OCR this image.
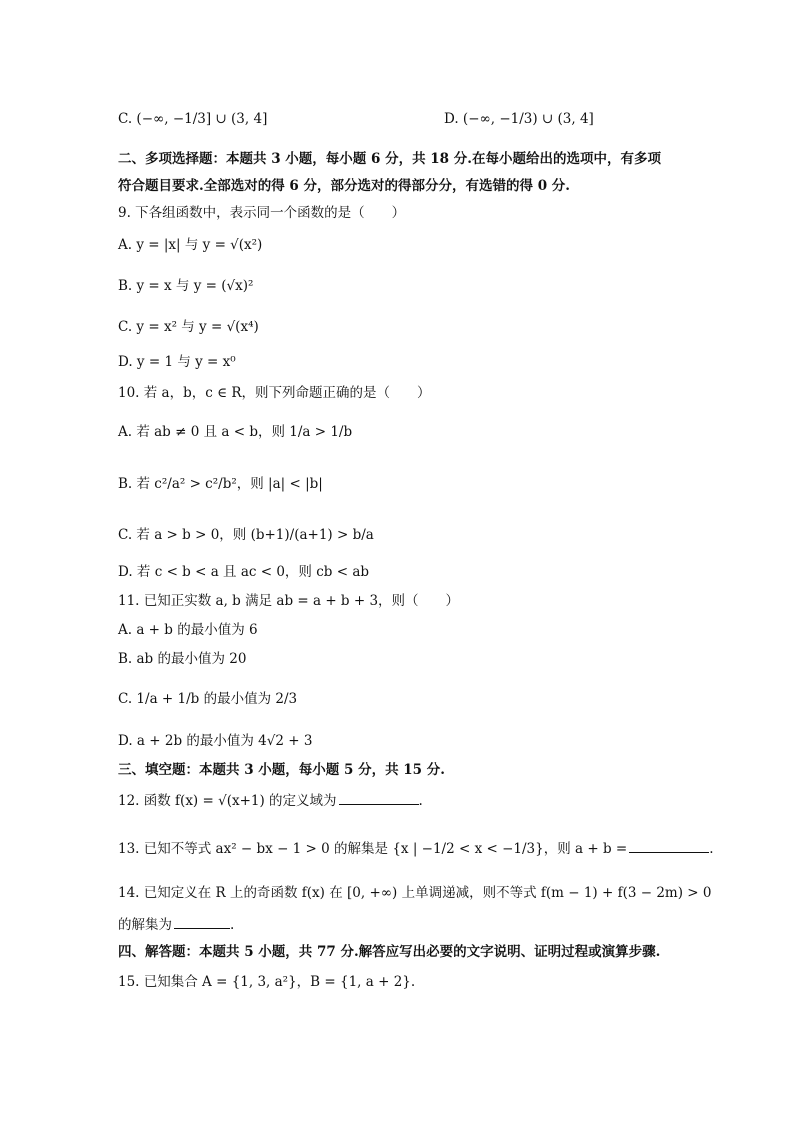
C. (−∞, −1/3] ∪ (3, 4]	D. (−∞, −1/3) ∪ (3, 4]
二、多项选择题：本题共 3 小题，每小题 6 分，共 18 分.在每小题给出的选项中，有多项
符合题目要求.全部选对的得 6 分，部分选对的得部分分，有选错的得 0 分.
9. 下各组函数中，表示同一个函数的是（　　）
A. y = |x| 与 y = √(x²)
B. y = x 与 y = (√x)²
C. y = x² 与 y = √(x⁴)
D. y = 1 与 y = x⁰
10. 若 a，b，c ∈ R，则下列命题正确的是（　　）
A. 若 ab ≠ 0 且 a < b，则 1/a > 1/b
B. 若 c²/a² > c²/b²，则 |a| < |b|
C. 若 a > b > 0，则 (b+1)/(a+1) > b/a
D. 若 c < b < a 且 ac < 0，则 cb < ab
11. 已知正实数 a, b 满足 ab = a + b + 3，则（　　）
A. a + b 的最小值为 6
B. ab 的最小值为 20
C. 1/a + 1/b 的最小值为 2/3
D. a + 2b 的最小值为 4√2 + 3
三、填空题：本题共 3 小题，每小题 5 分，共 15 分.
12. 函数 f(x) = √(x+1) 的定义域为	.
13. 已知不等式 ax² − bx − 1 > 0 的解集是 {x | −1/2 < x < −1/3}，则 a + b =	.
14. 已知定义在 R 上的奇函数 f(x) 在 [0, +∞) 上单调递减，则不等式 f(m − 1) + f(3 − 2m) > 0
的解集为	.
四、解答题：本题共 5 小题，共 77 分.解答应写出必要的文字说明、证明过程或演算步骤.
15. 已知集合 A = {1, 3, a²}，B = {1, a + 2}.
